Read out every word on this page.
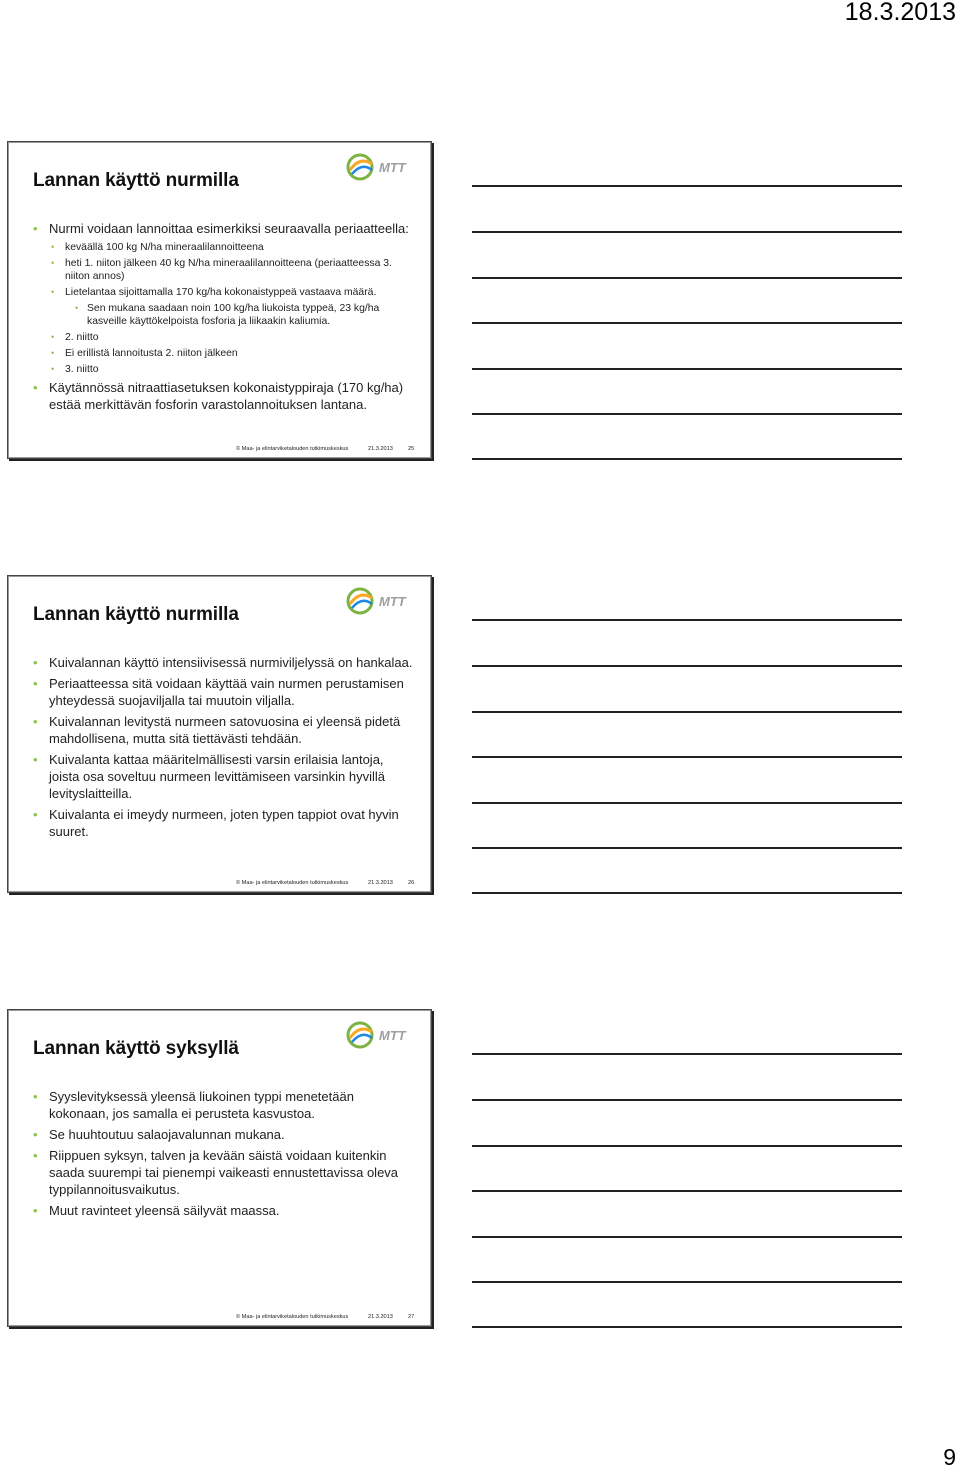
18.3.2013
Lannan käyttö nurmilla
MTT
• Nurmi voidaan lannoittaa esimerkiksi seuraavalla periaatteella:
• keväällä 100 kg N/ha mineraalilannoitteena
• heti 1. niiton jälkeen 40 kg N/ha mineraalilannoitteena (periaatteessa 3. niiton annos)
• Lietelantaa sijoittamalla 170 kg/ha kokonaistyppeä vastaava määrä.
• Sen mukana saadaan noin 100 kg/ha liukoista typpeä, 23 kg/ha kasveille käyttökelpoista fosforia ja liikaakin kaliumia.
• 2. niitto
• Ei erillistä lannoitusta 2. niiton jälkeen
• 3. niitto
• Käytännössä nitraattiasetuksen kokonaistyppiraja (170 kg/ha) estää merkittävän fosforin varastolannoituksen lantana.
© Maa- ja elintarviketalouden tutkimuskeskus	21.3.2013	25
Lannan käyttö nurmilla
MTT
• Kuivalannan käyttö intensiivisessä nurmiviljelyssä on hankalaa.
• Periaatteessa sitä voidaan käyttää vain nurmen perustamisen yhteydessä suojaviljalla tai muutoin viljalla.
• Kuivalannan levitystä nurmeen satovuosina ei yleensä pidetä mahdollisena, mutta sitä tiettävästi tehdään.
• Kuivalanta kattaa määritelmällisesti varsin erilaisia lantoja, joista osa soveltuu nurmeen levittämiseen varsinkin hyvillä levityslaitteilla.
• Kuivalanta ei imeydy nurmeen, joten typen tappiot ovat hyvin suuret.
© Maa- ja elintarviketalouden tutkimuskeskus	21.3.2013	26
Lannan käyttö syksyllä
MTT
• Syyslevityksessä yleensä liukoinen typpi menetetään kokonaan, jos samalla ei perusteta kasvustoa.
• Se huuhtoutuu salaojavalunnan mukana.
• Riippuen syksyn, talven ja kevään säistä voidaan kuitenkin saada suurempi tai pienempi vaikeasti ennustettavissa oleva typpilannoitusvaikutus.
• Muut ravinteet yleensä säilyvät maassa.
© Maa- ja elintarviketalouden tutkimuskeskus	21.3.2013	27
9
